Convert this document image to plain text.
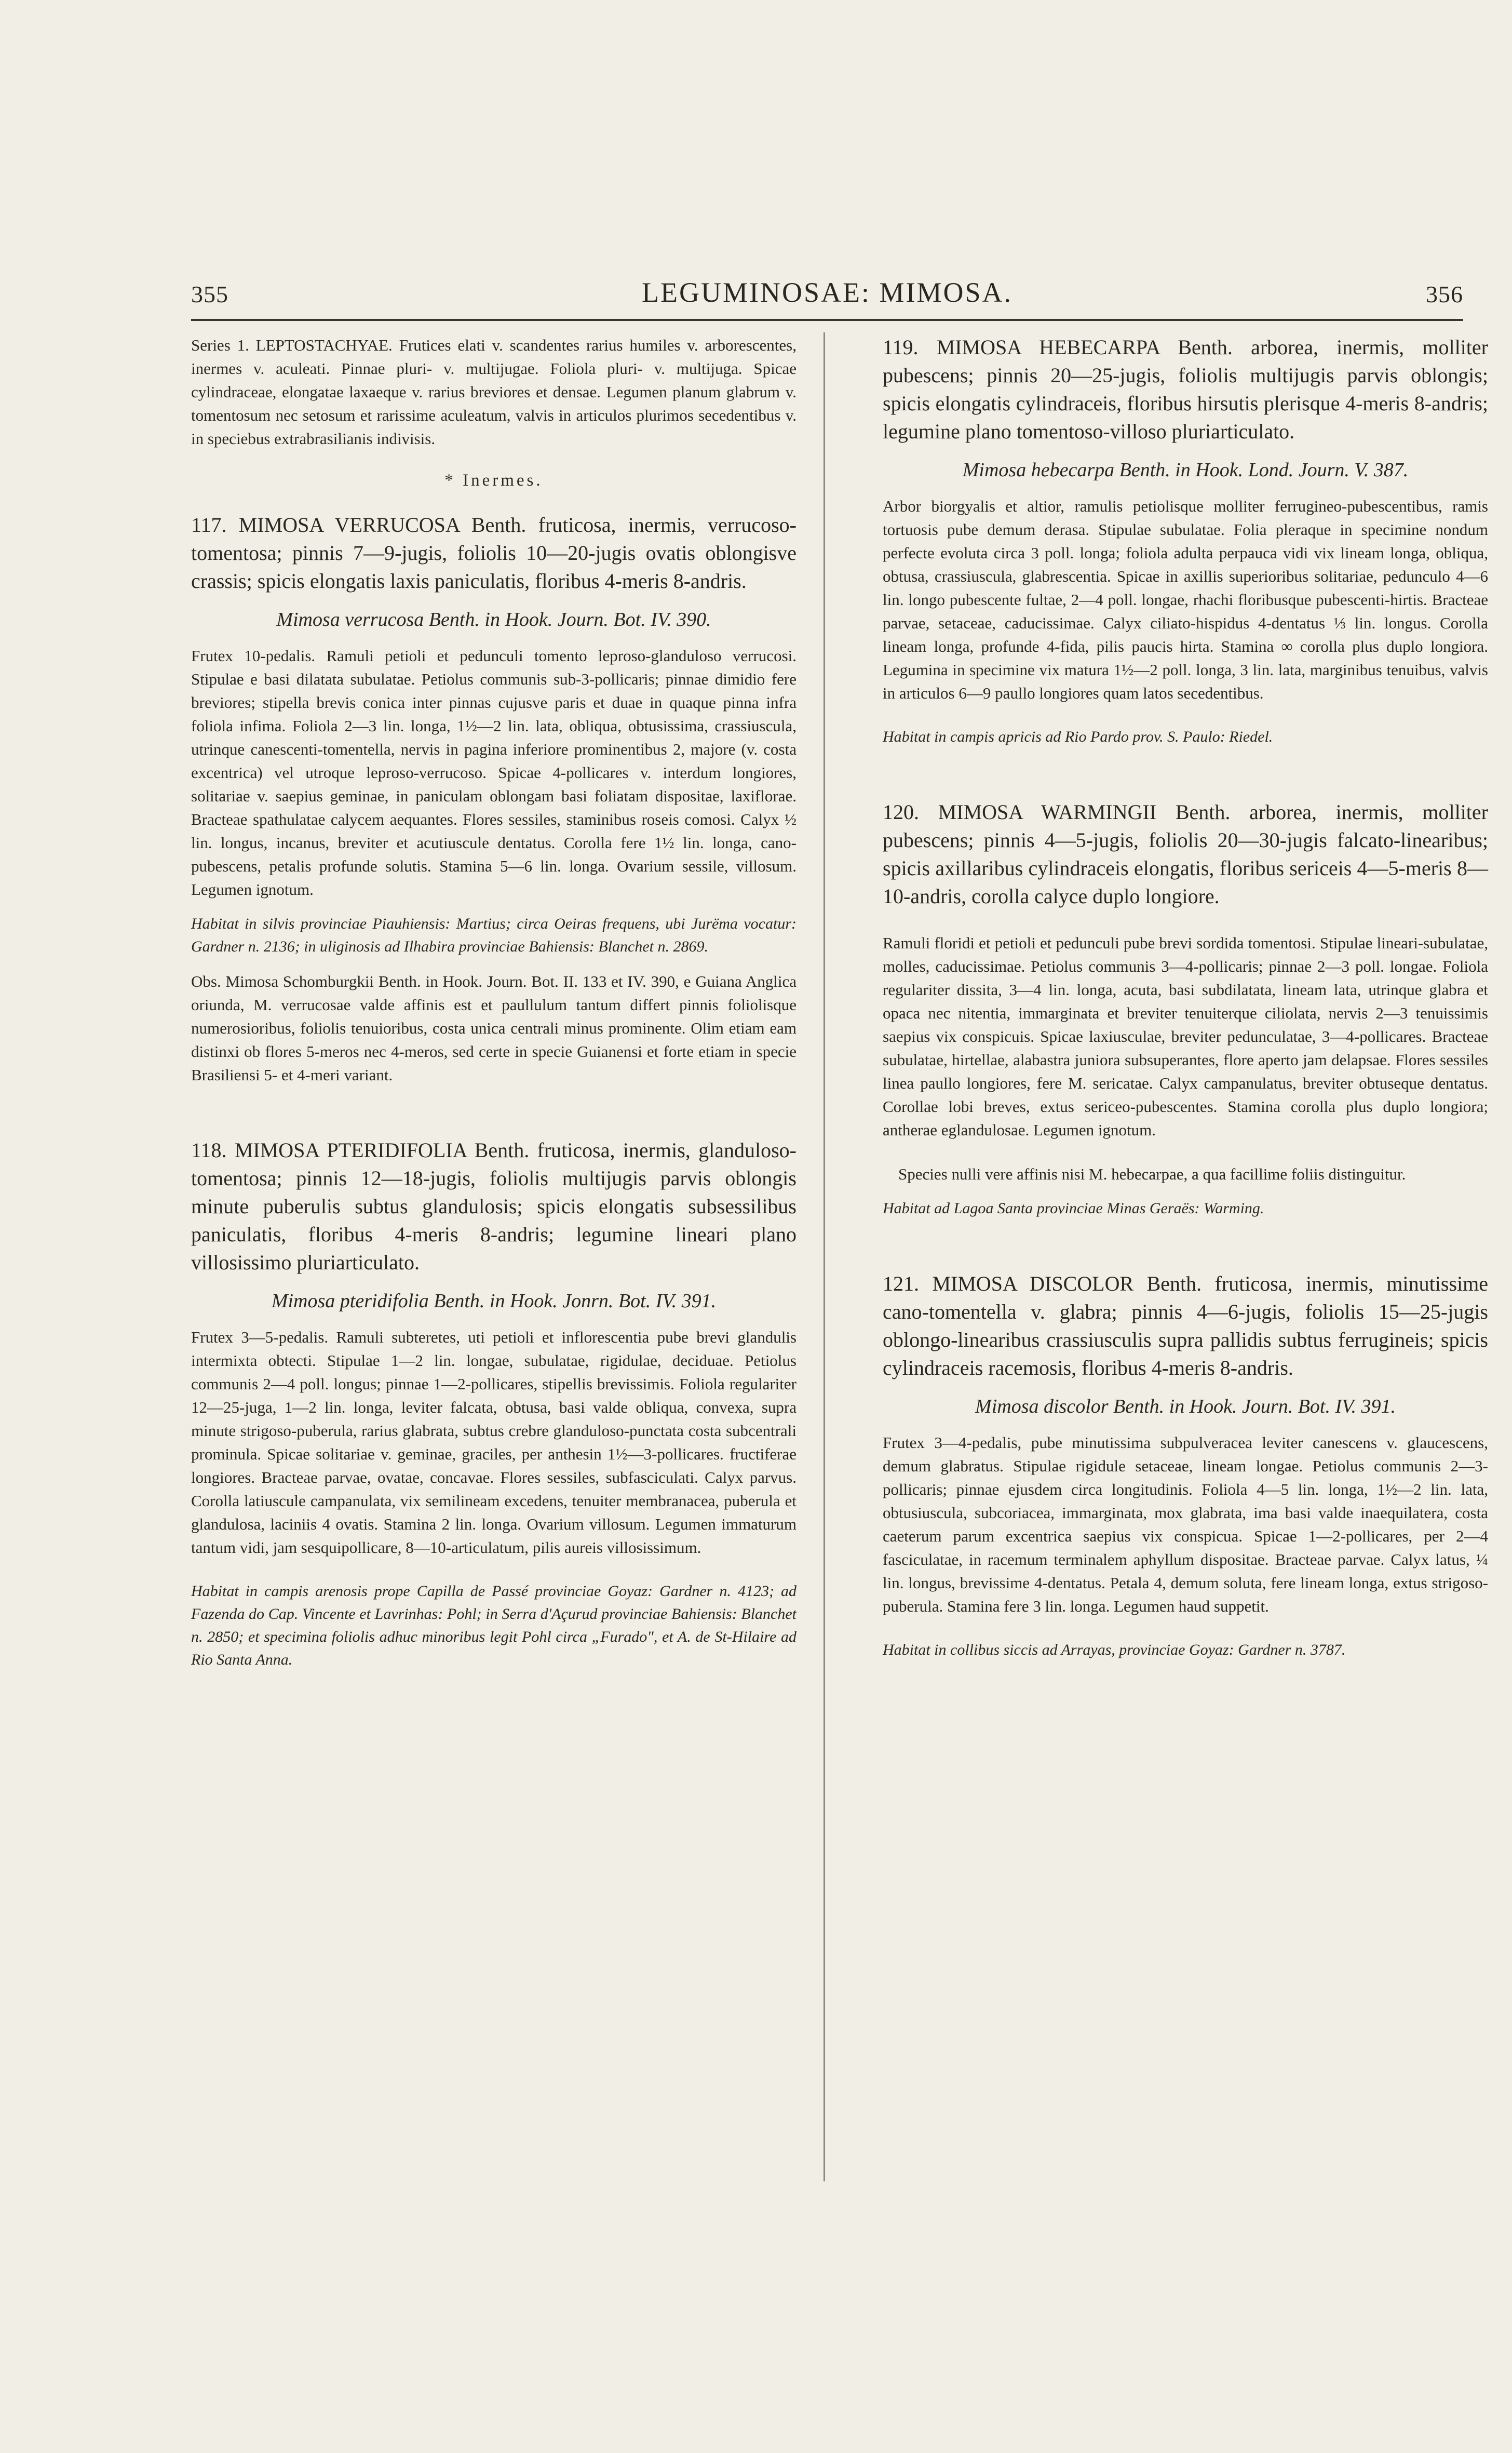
355	LEGUMINOSAE: MIMOSA.	356

Series 1. LEPTOSTACHYAE. Frutices elati v. scandentes rarius humiles v. arborescentes, inermes v. aculeati. Pinnae pluri- v. multijugae. Foliola pluri- v. multijuga. Spicae cylindraceae, elongatae laxaeque v. rarius breviores et densae. Legumen planum glabrum v. tomentosum nec setosum et rarissime aculeatum, valvis in articulos plurimos secedentibus v. in speciebus extrabrasilianis indivisis.

* Inermes.

117. MIMOSA VERRUCOSA Benth. fruticosa, inermis, verrucoso-tomentosa; pinnis 7—9-jugis, foliolis 10—20-jugis ovatis oblongisve crassis; spicis elongatis laxis paniculatis, floribus 4-meris 8-andris.

Mimosa verrucosa Benth. in Hook. Journ. Bot. IV. 390.

Frutex 10-pedalis. Ramuli petioli et pedunculi tomento leproso-glanduloso verrucosi. Stipulae e basi dilatata subulatae. Petiolus communis sub-3-pollicaris; pinnae dimidio fere breviores; stipella brevis conica inter pinnas cujusve paris et duae in quaque pinna infra foliola infima. Foliola 2—3 lin. longa, 1½—2 lin. lata, obliqua, obtusissima, crassiuscula, utrinque canescenti-tomentella, nervis in pagina inferiore prominentibus 2, majore (v. costa excentrica) vel utroque leproso-verrucoso. Spicae 4-pollicares v. interdum longiores, solitariae v. saepius geminae, in paniculam oblongam basi foliatam dispositae, laxiflorae. Bracteae spathulatae calycem aequantes. Flores sessiles, staminibus roseis comosi. Calyx ½ lin. longus, incanus, breviter et acutiuscule dentatus. Corolla fere 1½ lin. longa, cano-pubescens, petalis profunde solutis. Stamina 5—6 lin. longa. Ovarium sessile, villosum. Legumen ignotum.

Habitat in silvis provinciae Piauhiensis: Martius; circa Oeiras frequens, ubi Jurëma vocatur: Gardner n. 2136; in uliginosis ad Ilhabira provinciae Bahiensis: Blanchet n. 2869.

Obs. Mimosa Schomburgkii Benth. in Hook. Journ. Bot. II. 133 et IV. 390, e Guiana Anglica oriunda, M. verrucosae valde affinis est et paullulum tantum differt pinnis foliolisque numerosioribus, foliolis tenuioribus, costa unica centrali minus prominente. Olim etiam eam distinxi ob flores 5-meros nec 4-meros, sed certe in specie Guianensi et forte etiam in specie Brasiliensi 5- et 4-meri variant.

118. MIMOSA PTERIDIFOLIA Benth. fruticosa, inermis, glanduloso-tomentosa; pinnis 12—18-jugis, foliolis multijugis parvis oblongis minute puberulis subtus glandulosis; spicis elongatis subsessilibus paniculatis, floribus 4-meris 8-andris; legumine lineari plano villosissimo pluriarticulato.

Mimosa pteridifolia Benth. in Hook. Jonrn. Bot. IV. 391.

Frutex 3—5-pedalis. Ramuli subteretes, uti petioli et inflorescentia pube brevi glandulis intermixta obtecti. Stipulae 1—2 lin. longae, subulatae, rigidulae, deciduae. Petiolus communis 2—4 poll. longus; pinnae 1—2-pollicares, stipellis brevissimis. Foliola regulariter 12—25-juga, 1—2 lin. longa, leviter falcata, obtusa, basi valde obliqua, convexa, supra minute strigoso-puberula, rarius glabrata, subtus crebre glanduloso-punctata costa subcentrali prominula. Spicae solitariae v. geminae, graciles, per anthesin 1½—3-pollicares. fructiferae longiores. Bracteae parvae, ovatae, concavae. Flores sessiles, subfasciculati. Calyx parvus. Corolla latiuscule campanulata, vix semilineam excedens, tenuiter membranacea, puberula et glandulosa, laciniis 4 ovatis. Stamina 2 lin. longa. Ovarium villosum. Legumen immaturum tantum vidi, jam sesquipollicare, 8—10-articulatum, pilis aureis villosissimum.

Habitat in campis arenosis prope Capilla de Passé provinciae Goyaz: Gardner n. 4123; ad Fazenda do Cap. Vincente et Lavrinhas: Pohl; in Serra d'Açurud provinciae Bahiensis: Blanchet n. 2850; et specimina foliolis adhuc minoribus legit Pohl circa „Furado", et A. de St-Hilaire ad Rio Santa Anna.

119. MIMOSA HEBECARPA Benth. arborea, inermis, molliter pubescens; pinnis 20—25-jugis, foliolis multijugis parvis oblongis; spicis elongatis cylindraceis, floribus hirsutis plerisque 4-meris 8-andris; legumine plano tomentoso-villoso pluriarticulato.

Mimosa hebecarpa Benth. in Hook. Lond. Journ. V. 387.

Arbor biorgyalis et altior, ramulis petiolisque molliter ferrugineo-pubescentibus, ramis tortuosis pube demum derasa. Stipulae subulatae. Folia pleraque in specimine nondum perfecte evoluta circa 3 poll. longa; foliola adulta perpauca vidi vix lineam longa, obliqua, obtusa, crassiuscula, glabrescentia. Spicae in axillis superioribus solitariae, pedunculo 4—6 lin. longo pubescente fultae, 2—4 poll. longae, rhachi floribusque pubescenti-hirtis. Bracteae parvae, setaceae, caducissimae. Calyx ciliato-hispidus 4-dentatus ⅓ lin. longus. Corolla lineam longa, profunde 4-fida, pilis paucis hirta. Stamina ∞ corolla plus duplo longiora. Legumina in specimine vix matura 1½—2 poll. longa, 3 lin. lata, marginibus tenuibus, valvis in articulos 6—9 paullo longiores quam latos secedentibus.

Habitat in campis apricis ad Rio Pardo prov. S. Paulo: Riedel.

120. MIMOSA WARMINGII Benth. arborea, inermis, molliter pubescens; pinnis 4—5-jugis, foliolis 20—30-jugis falcato-linearibus; spicis axillaribus cylindraceis elongatis, floribus sericeis 4—5-meris 8—10-andris, corolla calyce duplo longiore.

Ramuli floridi et petioli et pedunculi pube brevi sordida tomentosi. Stipulae lineari-subulatae, molles, caducissimae. Petiolus communis 3—4-pollicaris; pinnae 2—3 poll. longae. Foliola regulariter dissita, 3—4 lin. longa, acuta, basi subdilatata, lineam lata, utrinque glabra et opaca nec nitentia, immarginata et breviter tenuiterque ciliolata, nervis 2—3 tenuissimis saepius vix conspicuis. Spicae laxiusculae, breviter pedunculatae, 3—4-pollicares. Bracteae subulatae, hirtellae, alabastra juniora subsuperantes, flore aperto jam delapsae. Flores sessiles linea paullo longiores, fere M. sericatae. Calyx campanulatus, breviter obtuseque dentatus. Corollae lobi breves, extus sericeo-pubescentes. Stamina corolla plus duplo longiora; antherae eglandulosae. Legumen ignotum.

Species nulli vere affinis nisi M. hebecarpae, a qua facillime foliis distinguitur.

Habitat ad Lagoa Santa provinciae Minas Geraës: Warming.

121. MIMOSA DISCOLOR Benth. fruticosa, inermis, minutissime cano-tomentella v. glabra; pinnis 4—6-jugis, foliolis 15—25-jugis oblongo-linearibus crassiusculis supra pallidis subtus ferrugineis; spicis cylindraceis racemosis, floribus 4-meris 8-andris.

Mimosa discolor Benth. in Hook. Journ. Bot. IV. 391.

Frutex 3—4-pedalis, pube minutissima subpulveracea leviter canescens v. glaucescens, demum glabratus. Stipulae rigidule setaceae, lineam longae. Petiolus communis 2—3-pollicaris; pinnae ejusdem circa longitudinis. Foliola 4—5 lin. longa, 1½—2 lin. lata, obtusiuscula, subcoriacea, immarginata, mox glabrata, ima basi valde inaequilatera, costa caeterum parum excentrica saepius vix conspicua. Spicae 1—2-pollicares, per 2—4 fasciculatae, in racemum terminalem aphyllum dispositae. Bracteae parvae. Calyx latus, ¼ lin. longus, brevissime 4-dentatus. Petala 4, demum soluta, fere lineam longa, extus strigoso-puberula. Stamina fere 3 lin. longa. Legumen haud suppetit.

Habitat in collibus siccis ad Arrayas, provinciae Goyaz: Gardner n. 3787.
